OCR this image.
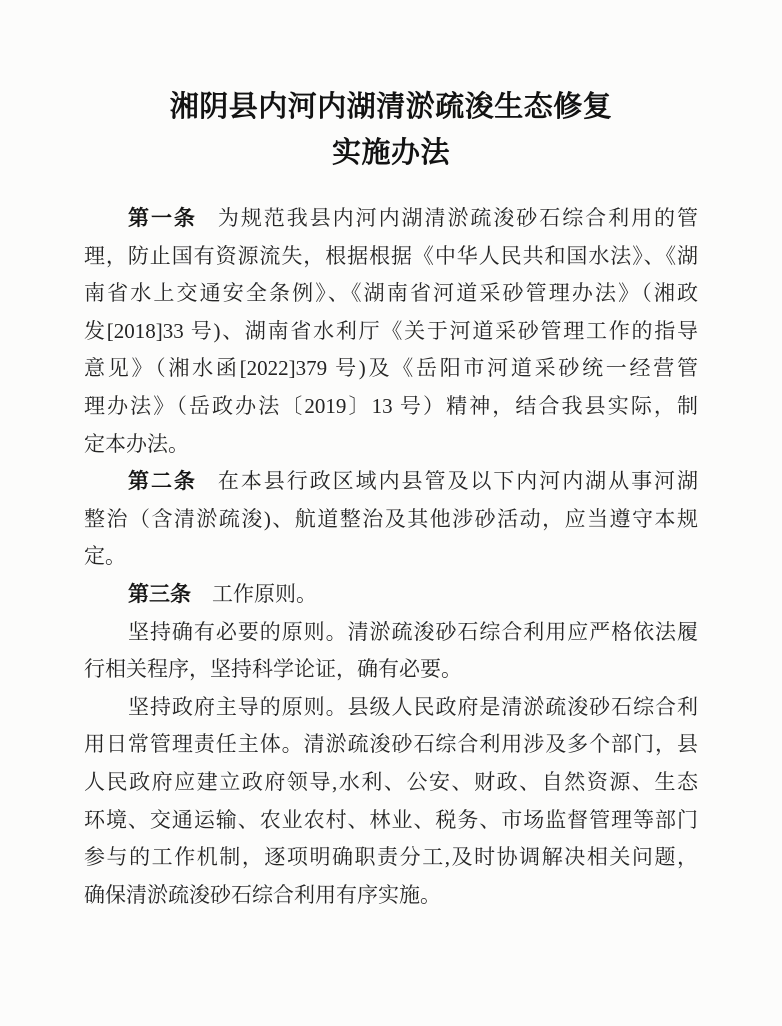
湘阴县内河内湖清淤疏浚生态修复
实施办法
第一条 为规范我县内河内湖清淤疏浚砂石综合利用的管
理，防止国有资源流失，根据根据《中华人民共和国水法》、《湖
南省水上交通安全条例》、《湖南省河道采砂管理办法》（湘政
发[2018]33 号)、湖南省水利厅《关于河道采砂管理工作的指导
意见》（湘水函[2022]379 号)及《岳阳市河道采砂统一经营管
理办法》（岳政办法〔2019〕13 号）精神，结合我县实际，制
定本办法。
第二条 在本县行政区域内县管及以下内河内湖从事河湖
整治（含清淤疏浚)、航道整治及其他涉砂活动，应当遵守本规
定。
第三条 工作原则。
坚持确有必要的原则。清淤疏浚砂石综合利用应严格依法履
行相关程序，坚持科学论证，确有必要。
坚持政府主导的原则。县级人民政府是清淤疏浚砂石综合利
用日常管理责任主体。清淤疏浚砂石综合利用涉及多个部门，县
人民政府应建立政府领导,水利、公安、财政、自然资源、生态
环境、交通运输、农业农村、林业、税务、市场监督管理等部门
参与的工作机制，逐项明确职责分工,及时协调解决相关问题，
确保清淤疏浚砂石综合利用有序实施。
